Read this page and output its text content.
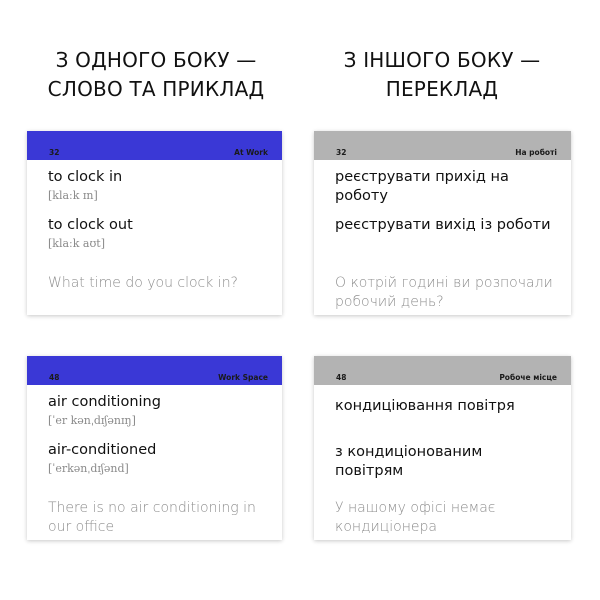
З ОДНОГО БОКУ —
СЛОВО ТА ПРИКЛАД
З ІНШОГО БОКУ —
ПЕРЕКЛАД
32	At Work
to clock in
[klaːk ɪn]
to clock out
[klaːk aʊt]
What time do you clock in?
32	На роботі
реєструвати прихід на роботу
реєструвати вихід із роботи
О котрій годині ви розпочали робочий день?
48	Work Space
air conditioning
[ˈer kənˌdɪʃənɪŋ]
air-conditioned
[ˈerkənˌdɪʃənd]
There is no air conditioning in our office
48	Робоче місце
кондиціювання повітря
з кондиціонованим повітрям
У нашому офісі немає кондиціонера
